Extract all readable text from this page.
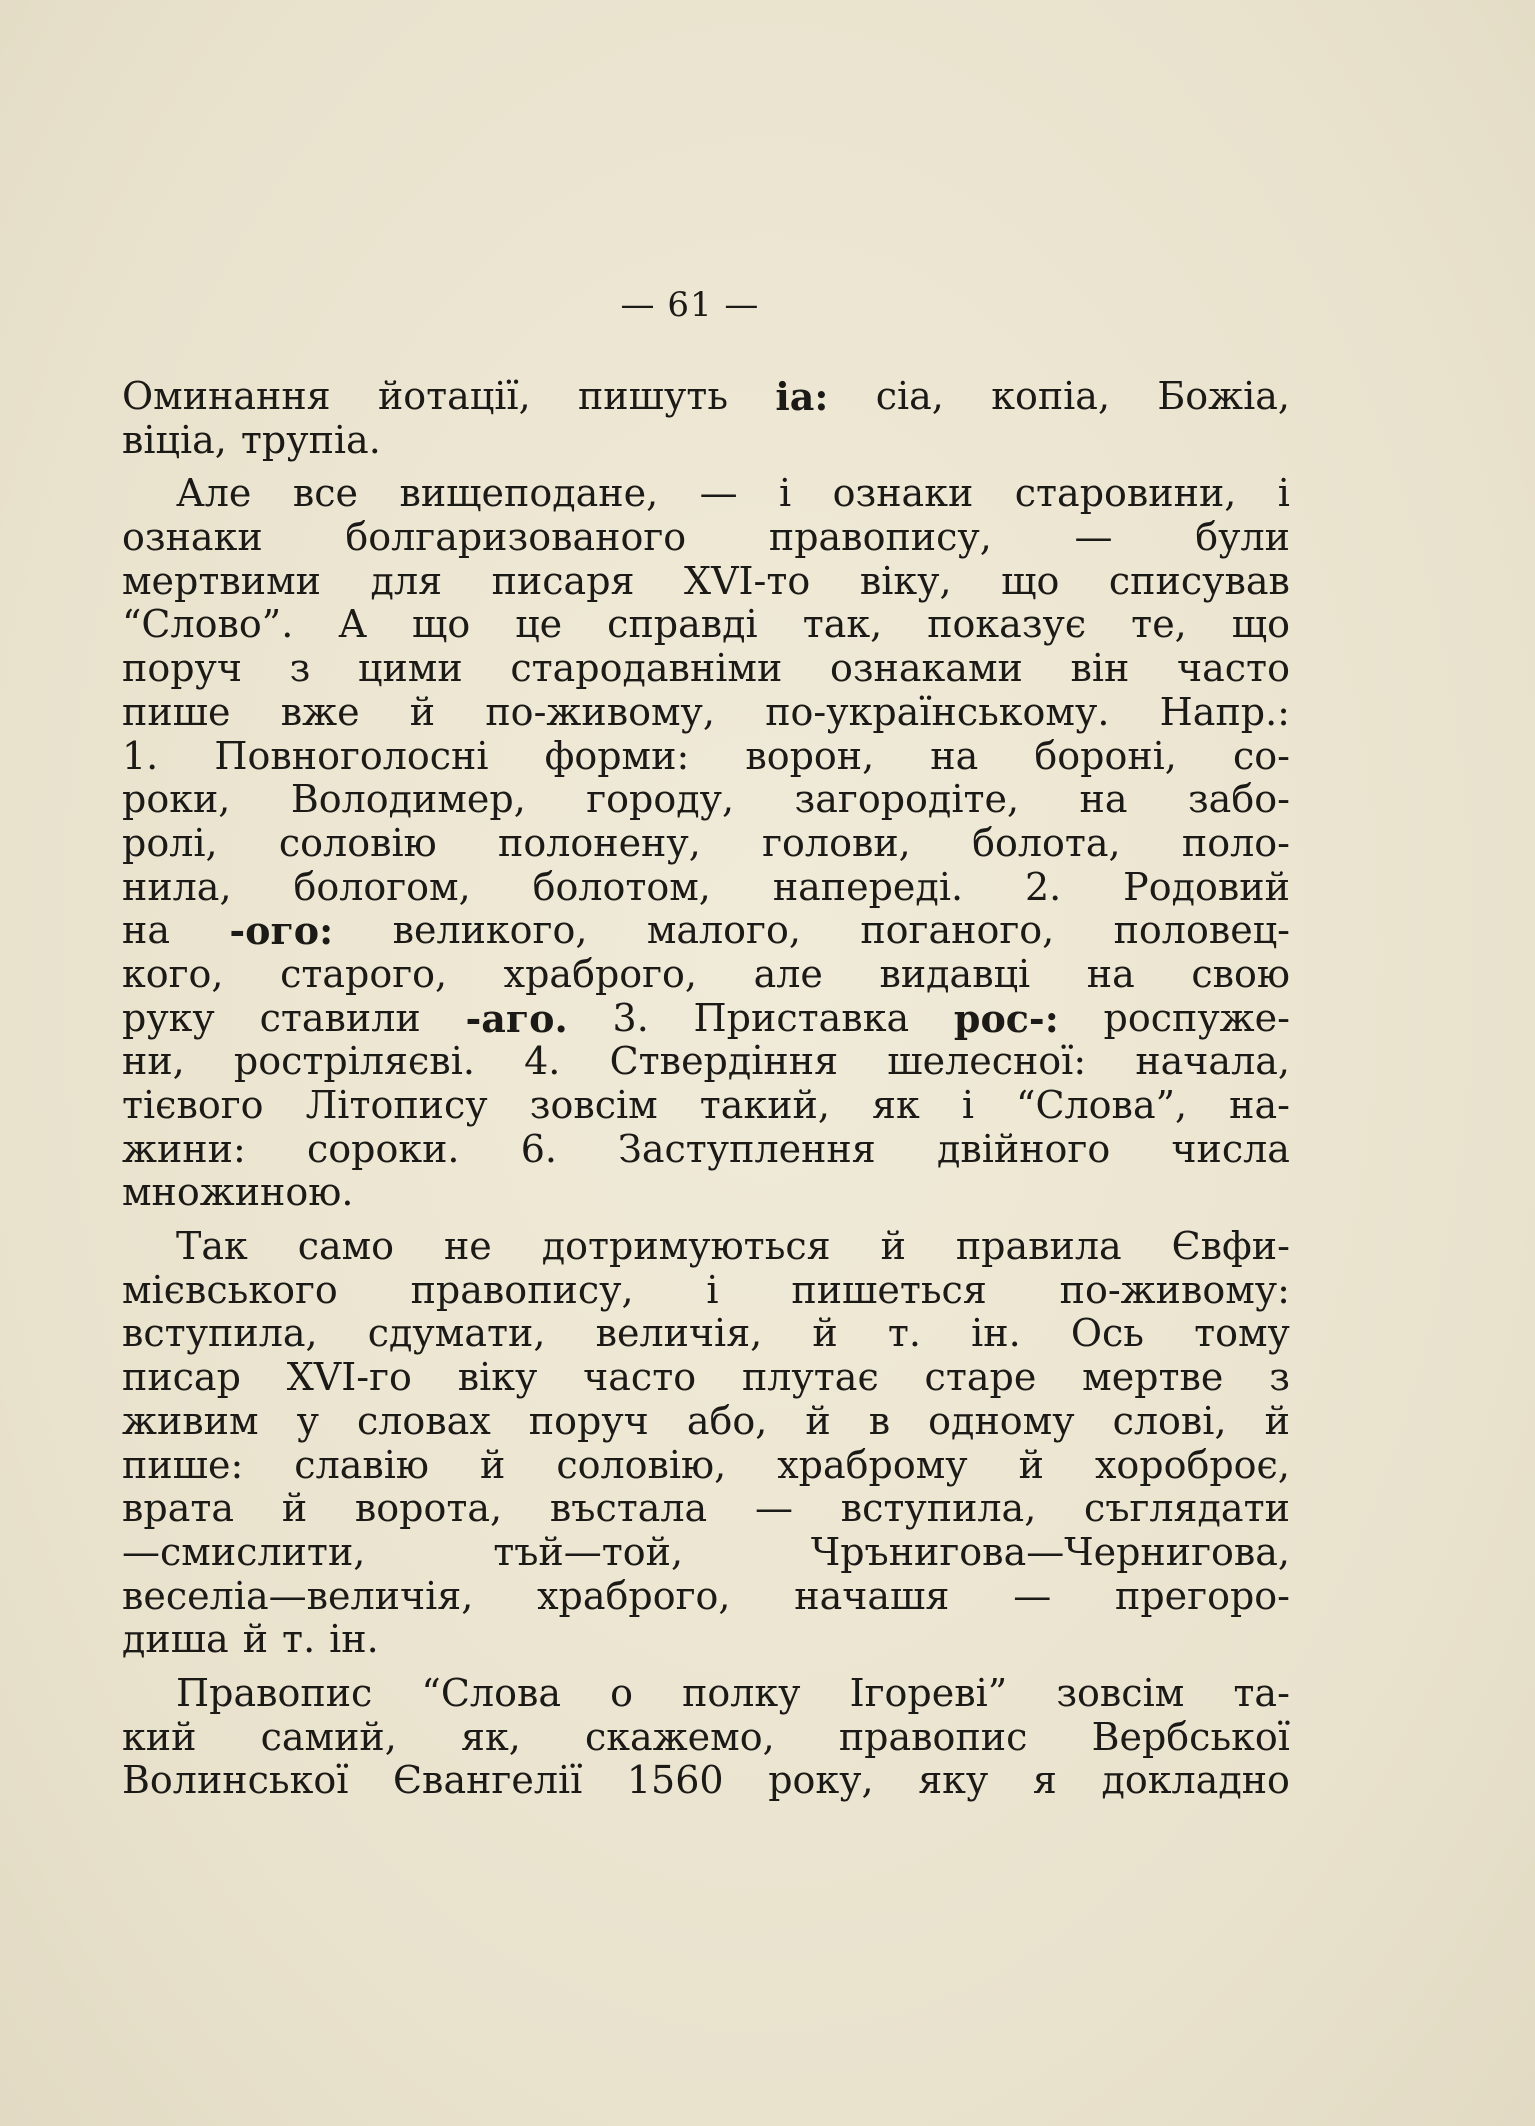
— 61 —
Оминання йотації, пишуть іа: сіа, копіа, Божіа,
віціа, трупіа.
Але все вищеподане, — і ознаки старовини, і
ознаки болгаризованого правопису, — були
мертвими для писаря XVI-то віку, що списував
“Слово”. А що це справді так, показує те, що
поруч з цими стародавніми ознаками він часто
пише вже й по-живому, по-українському. Напр.:
1. Повноголосні форми: ворон, на бороні, со-
роки, Володимер, городу, загородіте, на забо-
ролі, соловію полонену, голови, болота, поло-
нила, бологом, болотом, напереді. 2. Родовий
на -ого: великого, малого, поганого, половец-
кого, старого, храброго, але видавці на свою
руку ставили -аго. 3. Приставка рос-: роспуже-
ни, ростріляєві. 4. Стверді̇ння шелесної: начала,
тієвого Літопису зовсім такий, як і “Слова”, на-
жини: сороки. 6. Заступлення двійного числа
множиною.
Так само не дотримуються й правила Євфи-
мієвського правопису, і пишеться по-живому:
вступила, сдумати, величія, й т. ін. Ось тому
писар XVI-го віку часто плутає старе мертве з
живим у словах поруч або, й в одному слові, й
пише: славію й соловію, храброму й хороброє,
врата й ворота, въстала — вступила, съглядати
—смислити,	тъй—той,	Чрънигова—Чернигова,
веселіа—величія, храброго, начашя — прегоро-
диша й т. ін.
Правопис “Слова о полку Ігореві” зовсім та-
кий самий, як, скажемо, правопис Вербської
Волинської Євангелії 1560 року, яку я докладно
